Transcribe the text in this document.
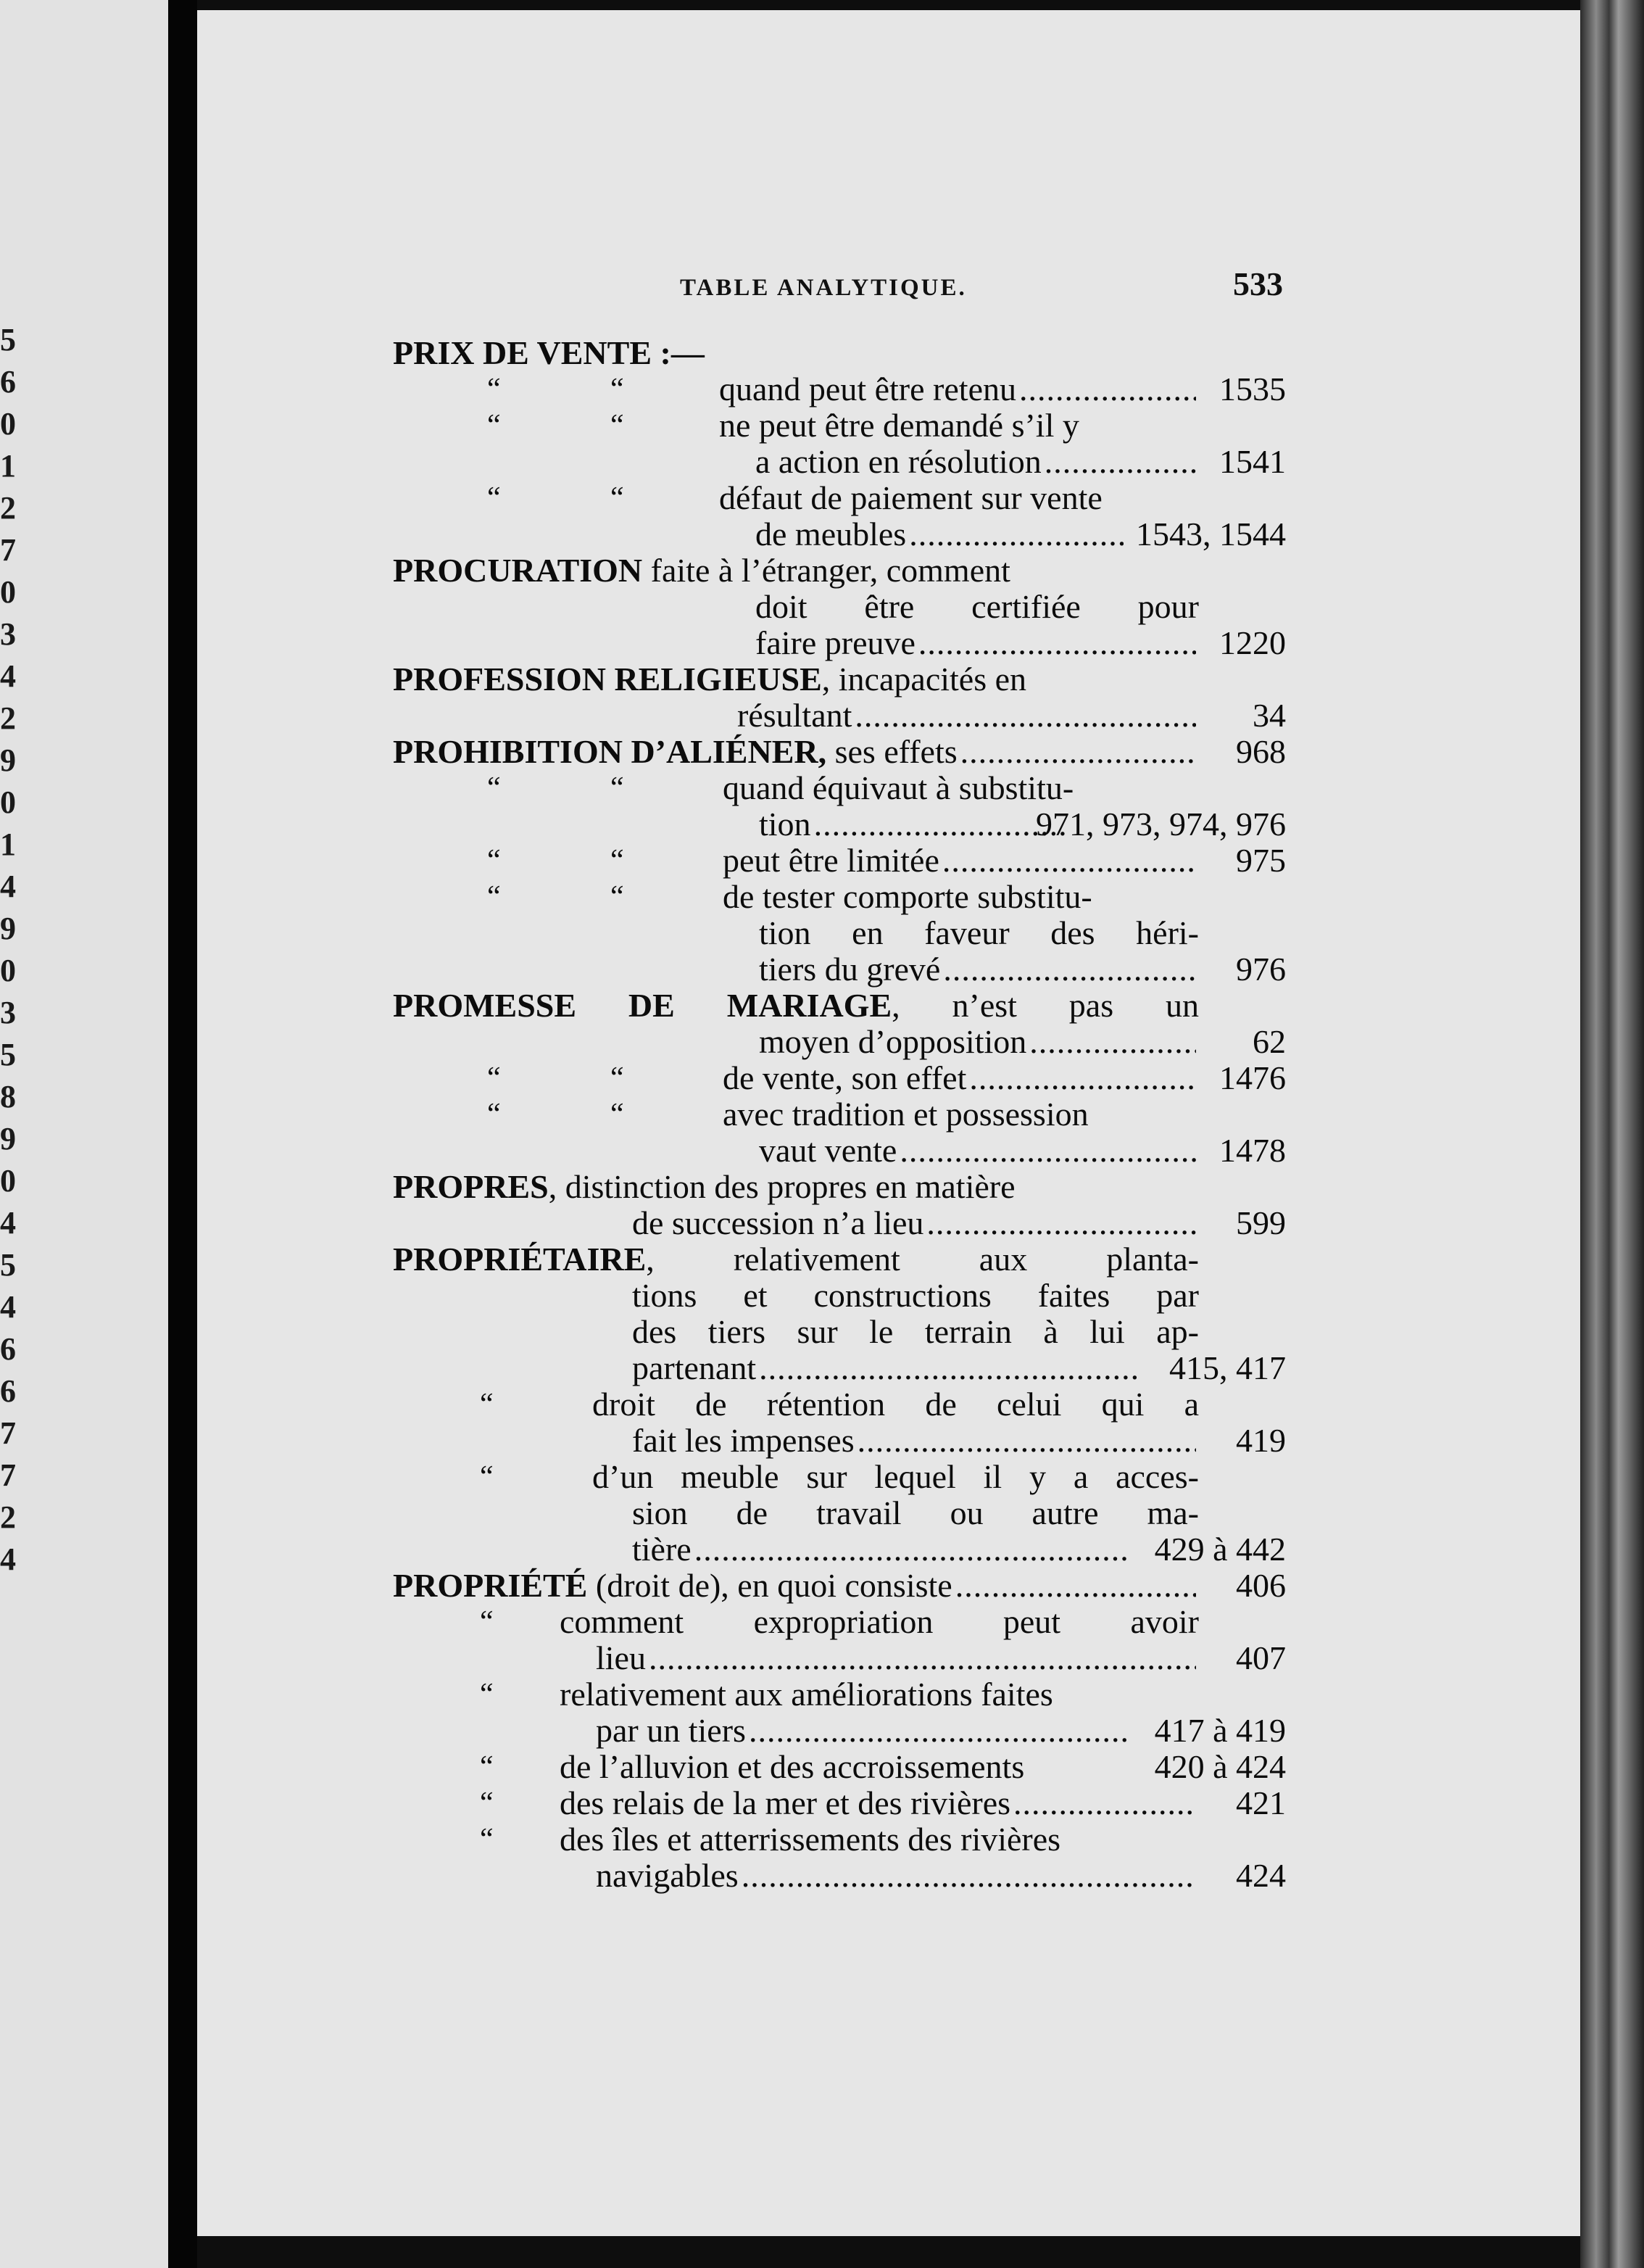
5
6
0
1
2
7
0
3
4
2
9
0
1
4
9
0
3
5
8
9
0
4
5
4
6
6
7
7
2
4
TABLE ANALYTIQUE.	533
PRIX DE VENTE :—
“	“	quand peut être retenu .....	1535
“	“	ne peut être demandé s’il y
a action en résolution .....	1541
“	“	défaut de paiement sur vente
de meubles .....	1543, 1544
PROCURATION faite à l’étranger, comment
doit être certifiée pour
faire preuve .....	1220
PROFESSION RELIGIEUSE, incapacités en
résultant .....	34
PROHIBITION D’ALIÉNER, ses effets .....	968
“	“	quand équivaut à substitu-
tion .....	971, 973, 974, 976
“	“	peut être limitée .....	975
“	“	de tester comporte substitu-
tion en faveur des héri-
tiers du grevé .....	976
PROMESSE DE MARIAGE, n’est pas un
moyen d’opposition .....	62
“	“	de vente, son effet .....	1476
“	“	avec tradition et possession
vaut vente .....	1478
PROPRES, distinction des propres en matière
de succession n’a lieu .....	599
PROPRIÉTAIRE, relativement aux planta-
tions et constructions faites par
des tiers sur le terrain à lui ap-
partenant .....	415, 417
“	droit de rétention de celui qui a
fait les impenses .....	419
“	d’un meuble sur lequel il y a acces-
sion de travail ou autre ma-
tière .....	429 à 442
PROPRIÉTÉ (droit de), en quoi consiste .....	406
“ comment expropriation peut avoir
lieu .....	407
“ relativement aux améliorations faites
par un tiers .....	417 à 419
“ de l’alluvion et des accroissements	420 à 424
“ des relais de la mer et des rivières .....	421
“ des îles et atterrissements des rivières
navigables .....	424
